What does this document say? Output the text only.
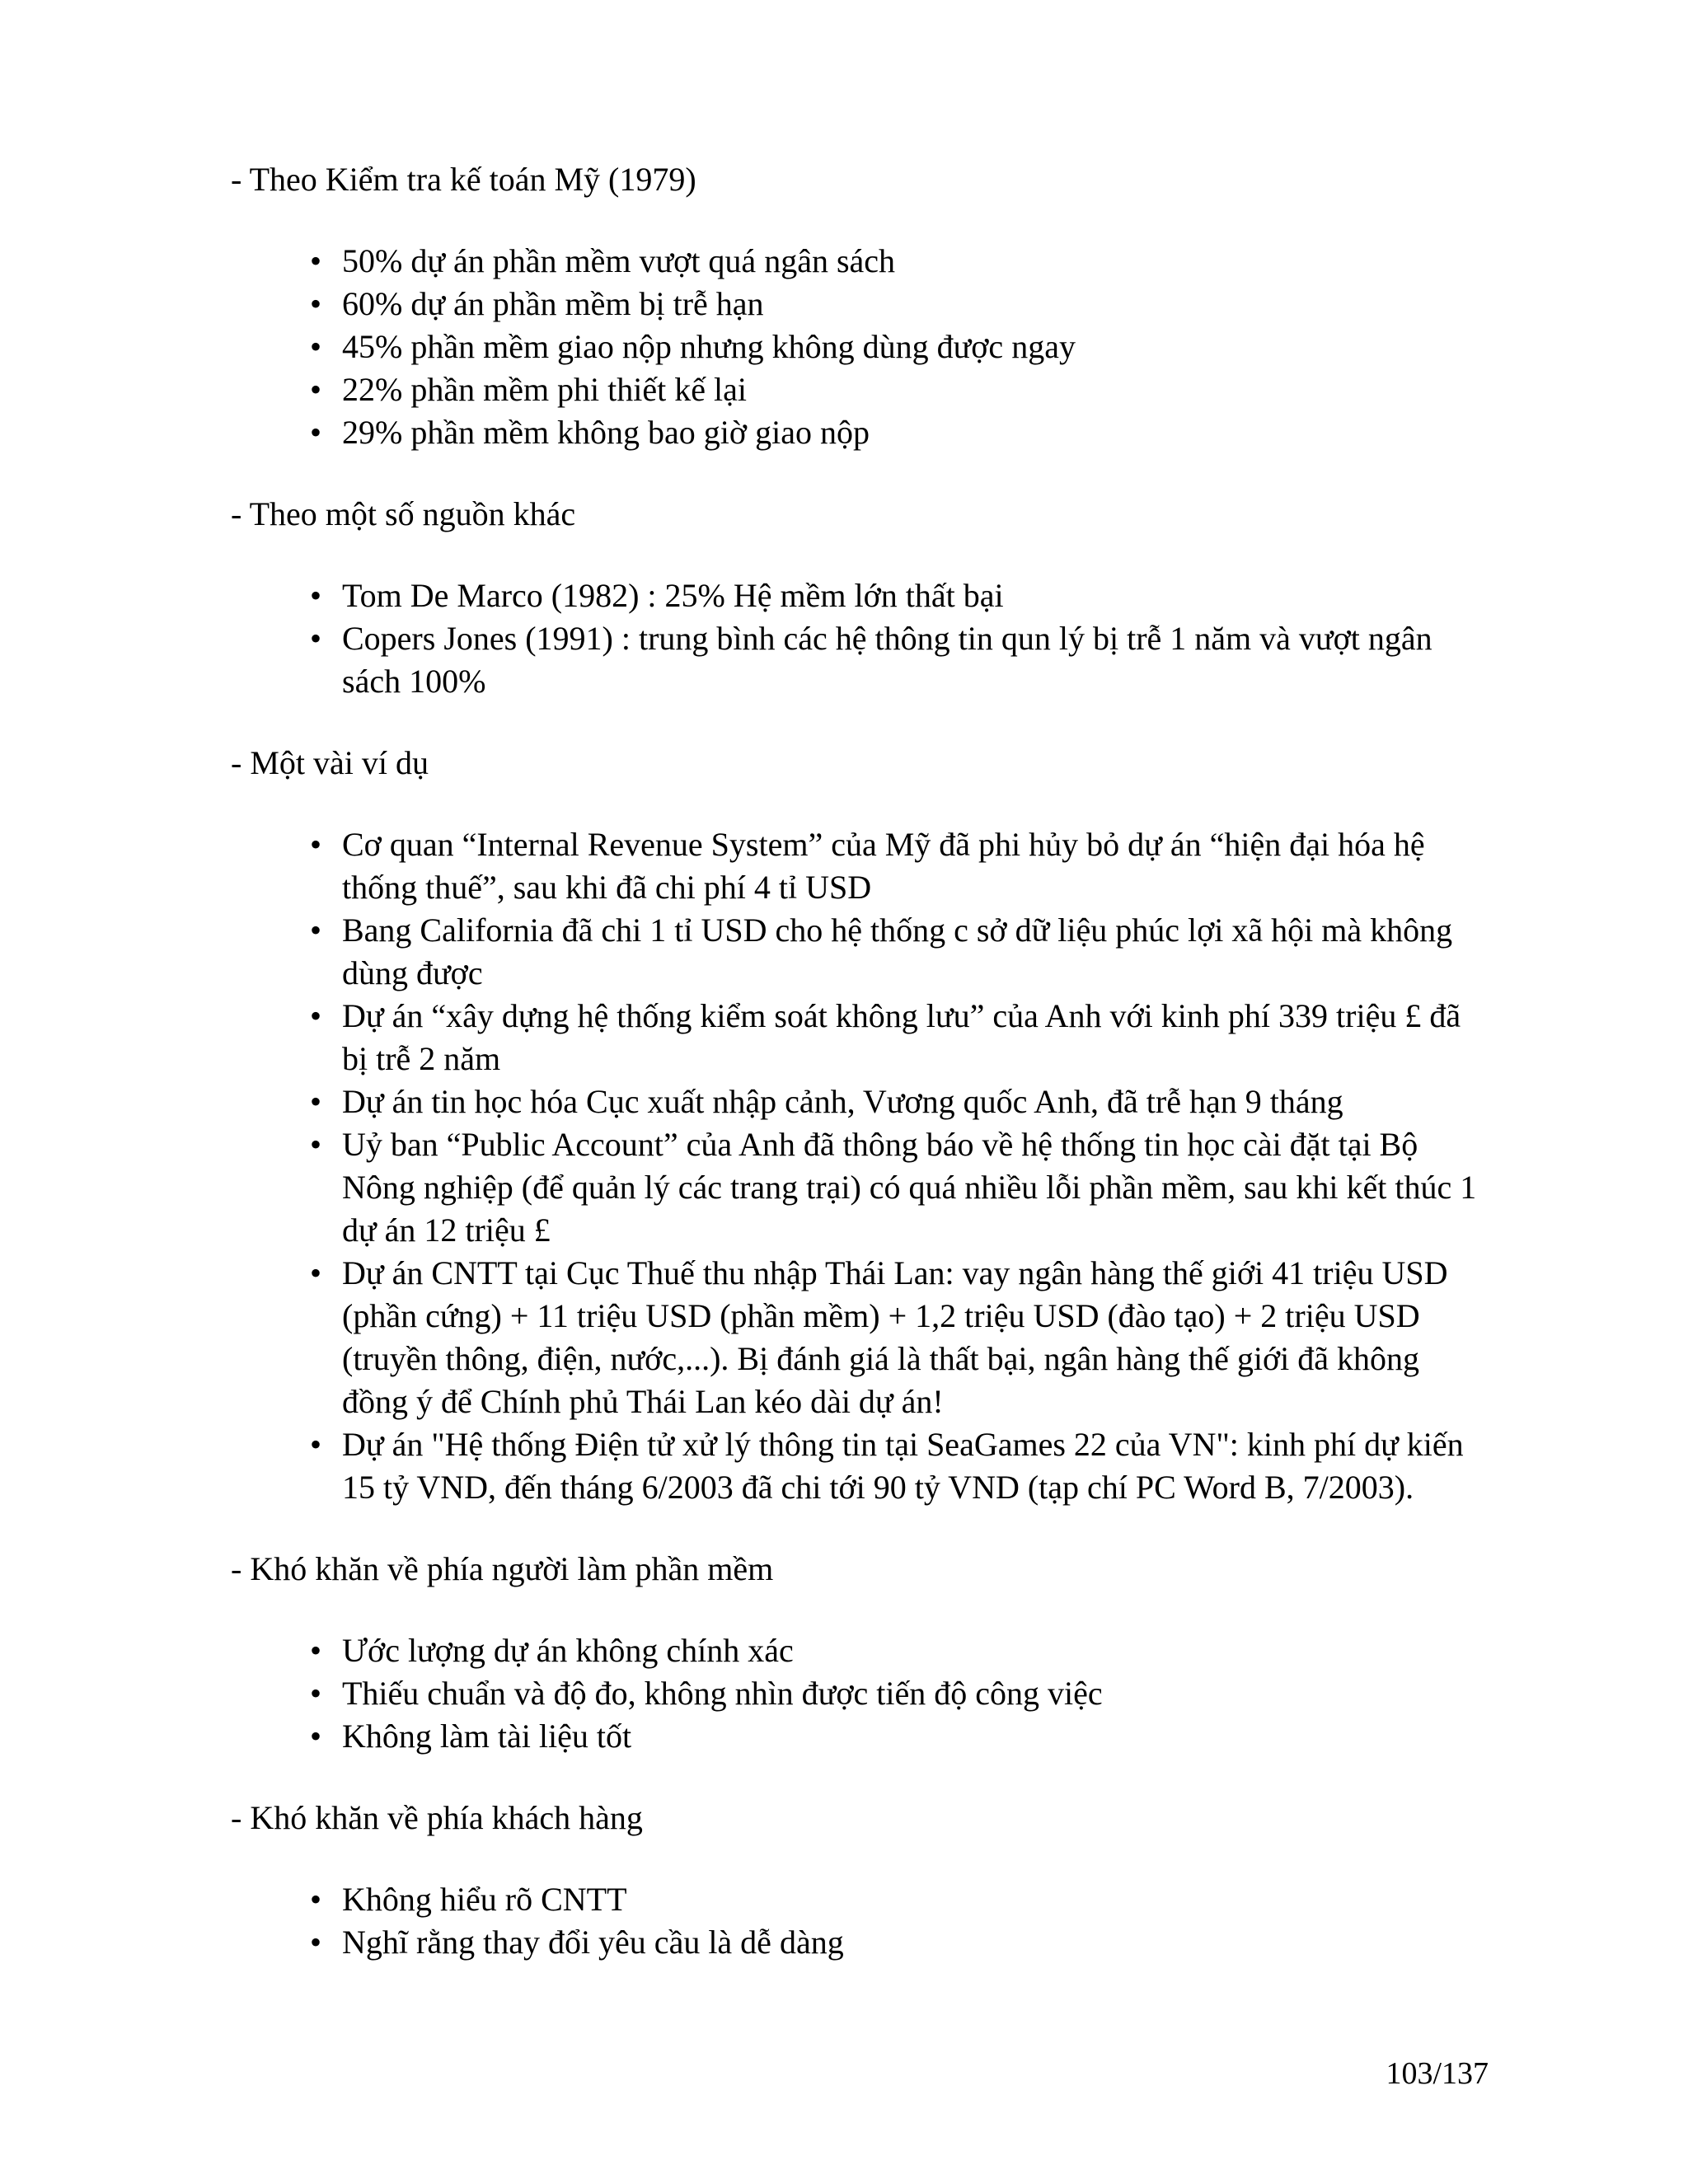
- Theo Kiểm tra kế toán Mỹ (1979)
• 50% dự án phần mềm vượt quá ngân sách
• 60% dự án phần mềm bị trễ hạn
• 45% phần mềm giao nộp nhưng không dùng được ngay
• 22% phần mềm phi thiết kế lại
• 29% phần mềm không bao giờ giao nộp
- Theo một số nguồn khác
• Tom De Marco (1982) : 25% Hệ mềm lớn thất bại
• Copers Jones (1991) : trung bình các hệ thông tin qun lý bị trễ 1 năm và vượt ngân sách 100%
- Một vài ví dụ
• Cơ quan “Internal Revenue System” của Mỹ đã phi hủy bỏ dự án “hiện đại hóa hệ thống thuế”, sau khi đã chi phí 4 tỉ USD
• Bang California đã chi 1 tỉ USD cho hệ thống c sở dữ liệu phúc lợi xã hội mà không dùng được
• Dự án “xây dựng hệ thống kiểm soát không lưu” của Anh với kinh phí 339 triệu £ đã bị trễ 2 năm
• Dự án tin học hóa Cục xuất nhập cảnh, Vương quốc Anh, đã trễ hạn 9 tháng
• Uỷ ban “Public Account” của Anh đã thông báo về hệ thống tin học cài đặt tại Bộ Nông nghiệp (để quản lý các trang trại) có quá nhiều lỗi phần mềm, sau khi kết thúc 1 dự án 12 triệu £
• Dự án CNTT tại Cục Thuế thu nhập Thái Lan: vay ngân hàng thế giới 41 triệu USD (phần cứng) + 11 triệu USD (phần mềm) + 1,2 triệu USD (đào tạo) + 2 triệu USD (truyền thông, điện, nước,...). Bị đánh giá là thất bại, ngân hàng thế giới đã không đồng ý để Chính phủ Thái Lan kéo dài dự án!
• Dự án "Hệ thống Điện tử xử lý thông tin tại SeaGames 22 của VN": kinh phí dự kiến 15 tỷ VND, đến tháng 6/2003 đã chi tới 90 tỷ VND (tạp chí PC Word B, 7/2003).
- Khó khăn về phía người làm phần mềm
• Ước lượng dự án không chính xác
• Thiếu chuẩn và độ đo, không nhìn được tiến độ công việc
• Không làm tài liệu tốt
- Khó khăn về phía khách hàng
• Không hiểu rõ CNTT
• Nghĩ rằng thay đổi yêu cầu là dễ dàng
103/137
